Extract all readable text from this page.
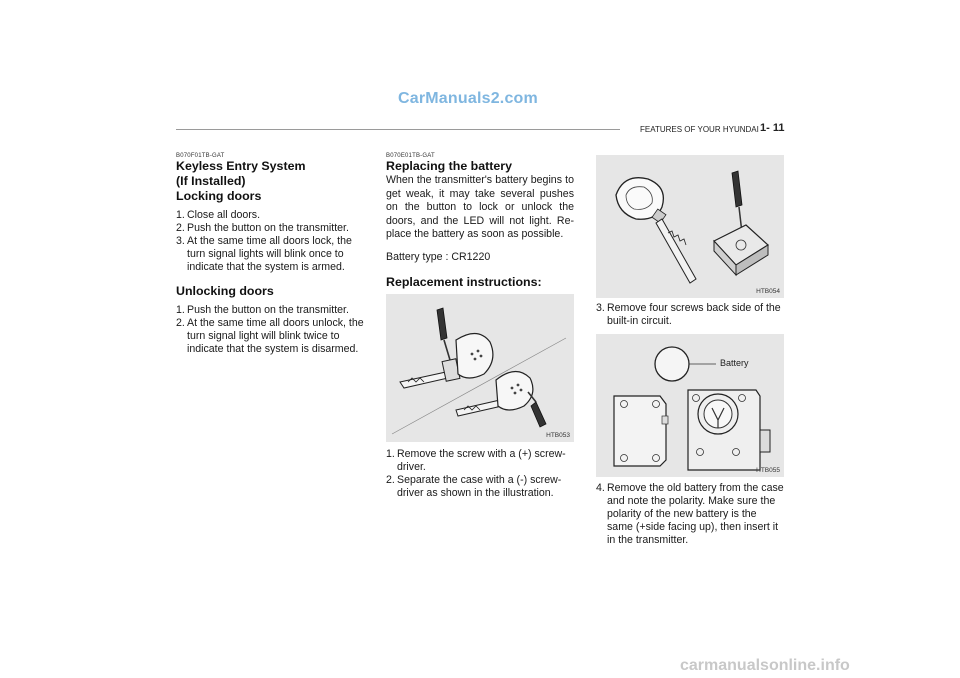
CarManuals2.com
FEATURES OF YOUR HYUNDAI 1- 11
carmanualsonline.info
B070F01TB-GAT
Keyless Entry System
(If Installed)
Locking doors
1. Close all doors.
2. Push the button on the transmitter.
3. At the same time all doors lock, the turn signal lights will blink once to indicate that the system is armed.
Unlocking doors
1. Push the button on the transmitter.
2. At the same time all doors unlock, the turn signal light will blink twice to indicate that the system is disarmed.
B070E01TB-GAT
Replacing the battery
When the transmitter's battery begins to get weak, it may take several pushes on the button to lock or unlock the doors, and the LED will not light. Re- place the battery as soon as possible.
Battery type : CR1220
Replacement instructions:
HTB053
1. Remove the screw with a (+) screw- driver.
2. Separate the case with a (-) screw- driver as shown in the illustration.
HTB054
3. Remove four screws back side of the built-in circuit.
Battery
HTB055
4. Remove the old battery from the case and note the polarity. Make sure the polarity of the new battery is the same (+side facing up), then insert it in the transmitter.
